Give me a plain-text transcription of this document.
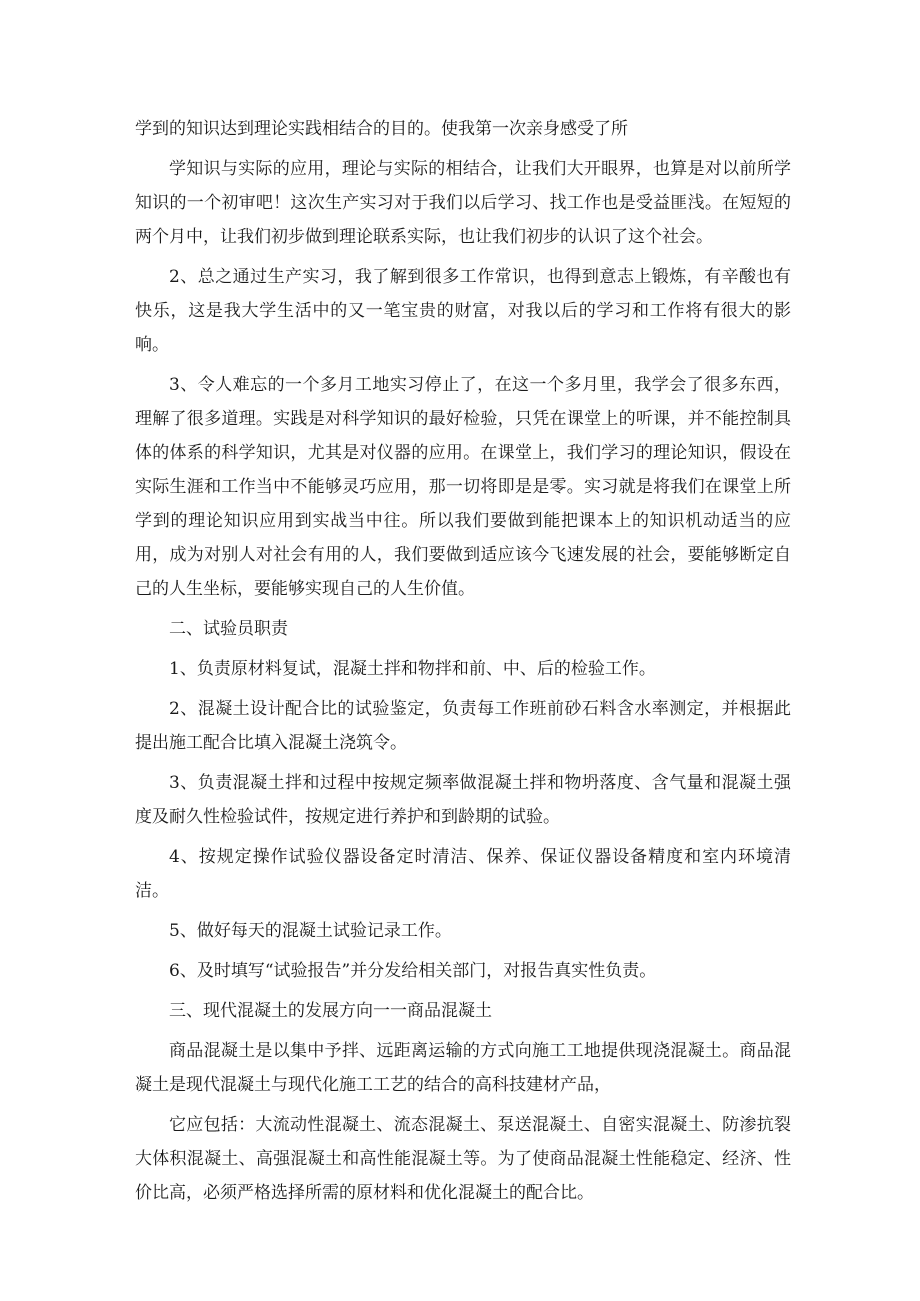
学到的知识达到理论实践相结合的目的。使我第一次亲身感受了所

学知识与实际的应用，理论与实际的相结合，让我们大开眼界，也算是对以前所学知识的一个初审吧！这次生产实习对于我们以后学习、找工作也是受益匪浅。在短短的两个月中，让我们初步做到理论联系实际，也让我们初步的认识了这个社会。

2、总之通过生产实习，我了解到很多工作常识，也得到意志上锻炼，有辛酸也有快乐，这是我大学生活中的又一笔宝贵的财富，对我以后的学习和工作将有很大的影响。

3、令人难忘的一个多月工地实习停止了，在这一个多月里，我学会了很多东西，理解了很多道理。实践是对科学知识的最好检验，只凭在课堂上的听课，并不能控制具体的体系的科学知识，尤其是对仪器的应用。在课堂上，我们学习的理论知识，假设在实际生涯和工作当中不能够灵巧应用，那一切将即是是零。实习就是将我们在课堂上所学到的理论知识应用到实战当中往。所以我们要做到能把课本上的知识机动适当的应用，成为对别人对社会有用的人，我们要做到适应该今飞速发展的社会，要能够断定自己的人生坐标，要能够实现自己的人生价值。

二、试验员职责

1、负责原材料复试，混凝土拌和物拌和前、中、后的检验工作。

2、混凝土设计配合比的试验鉴定，负责每工作班前砂石料含水率测定，并根据此提出施工配合比填入混凝土浇筑令。

3、负责混凝土拌和过程中按规定频率做混凝土拌和物坍落度、含气量和混凝土强度及耐久性检验试件，按规定进行养护和到龄期的试验。

4、按规定操作试验仪器设备定时清洁、保养、保证仪器设备精度和室内环境清洁。

5、做好每天的混凝土试验记录工作。

6、及时填写“试验报告”并分发给相关部门，对报告真实性负责。

三、现代混凝土的发展方向一一商品混凝土

商品混凝土是以集中予拌、远距离运输的方式向施工工地提供现浇混凝土。商品混凝土是现代混凝土与现代化施工工艺的结合的高科技建材产品，

它应包括：大流动性混凝土、流态混凝土、泵送混凝土、自密实混凝土、防渗抗裂大体积混凝土、高强混凝土和高性能混凝土等。为了使商品混凝土性能稳定、经济、性价比高，必须严格选择所需的原材料和优化混凝土的配合比。
